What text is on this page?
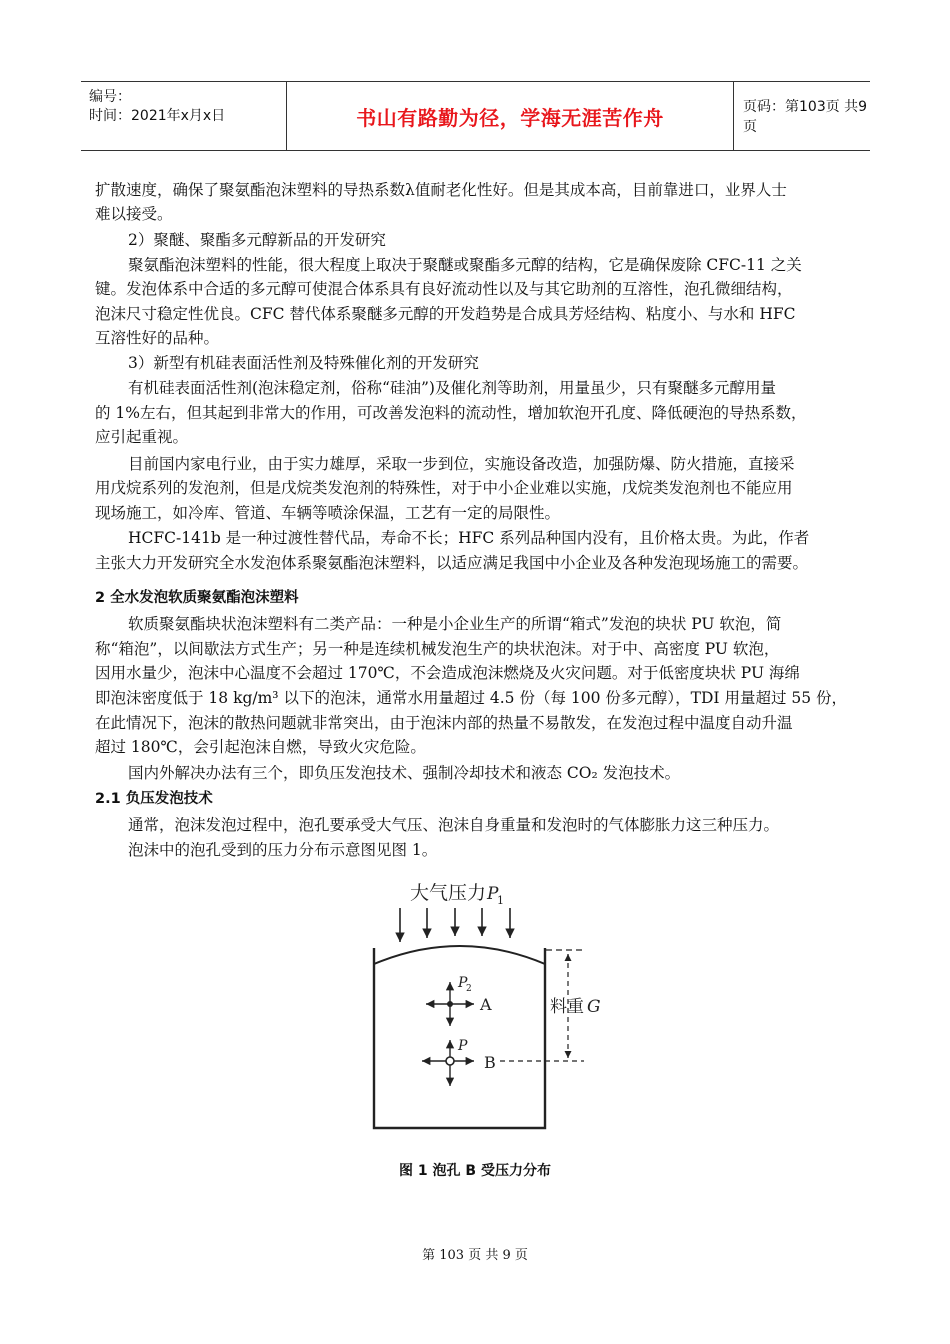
编号：
时间：2021年x月x日	书山有路勤为径，学海无涯苦作舟	页码：第103页 共9页
扩散速度，确保了聚氨酯泡沫塑料的导热系数λ值耐老化性好。但是其成本高，目前靠进口，业界人士
难以接受。
2）聚醚、聚酯多元醇新品的开发研究
聚氨酯泡沫塑料的性能，很大程度上取决于聚醚或聚酯多元醇的结构，它是确保废除 CFC-11 之关
键。发泡体系中合适的多元醇可使混合体系具有良好流动性以及与其它助剂的互溶性，泡孔微细结构，
泡沫尺寸稳定性优良。CFC 替代体系聚醚多元醇的开发趋势是合成具芳烃结构、粘度小、与水和 HFC
互溶性好的品种。
3）新型有机硅表面活性剂及特殊催化剂的开发研究
有机硅表面活性剂(泡沫稳定剂，俗称“硅油”)及催化剂等助剂，用量虽少，只有聚醚多元醇用量
的 1%左右，但其起到非常大的作用，可改善发泡料的流动性，增加软泡开孔度、降低硬泡的导热系数，
应引起重视。
目前国内家电行业，由于实力雄厚，采取一步到位，实施设备改造，加强防爆、防火措施，直接采
用戊烷系列的发泡剂，但是戊烷类发泡剂的特殊性，对于中小企业难以实施，戊烷类发泡剂也不能应用
现场施工，如冷库、管道、车辆等喷涂保温，工艺有一定的局限性。
HCFC-141b 是一种过渡性替代品，寿命不长；HFC 系列品种国内没有，且价格太贵。为此，作者
主张大力开发研究全水发泡体系聚氨酯泡沫塑料，以适应满足我国中小企业及各种发泡现场施工的需要。
2 全水发泡软质聚氨酯泡沫塑料
软质聚氨酯块状泡沫塑料有二类产品：一种是小企业生产的所谓“箱式”发泡的块状 PU 软泡，简
称“箱泡”，以间歇法方式生产；另一种是连续机械发泡生产的块状泡沫。对于中、高密度 PU 软泡，
因用水量少，泡沫中心温度不会超过 170℃，不会造成泡沫燃烧及火灾问题。对于低密度块状 PU 海绵
即泡沫密度低于 18 kg/m³ 以下的泡沫，通常水用量超过 4.5 份（每 100 份多元醇），TDI 用量超过 55 份，
在此情况下，泡沫的散热问题就非常突出，由于泡沫内部的热量不易散发，在发泡过程中温度自动升温
超过 180℃，会引起泡沫自燃，导致火灾危险。
国内外解决办法有三个，即负压发泡技术、强制冷却技术和液态 CO₂ 发泡技术。
2.1 负压发泡技术
通常，泡沫发泡过程中，泡孔要承受大气压、泡沫自身重量和发泡时的气体膨胀力这三种压力。
泡沫中的泡孔受到的压力分布示意图见图 1。
大气压力 P
1
料重 G
P
2
A
P
B
图 1 泡孔 B 受压力分布
第 103 页 共 9 页
